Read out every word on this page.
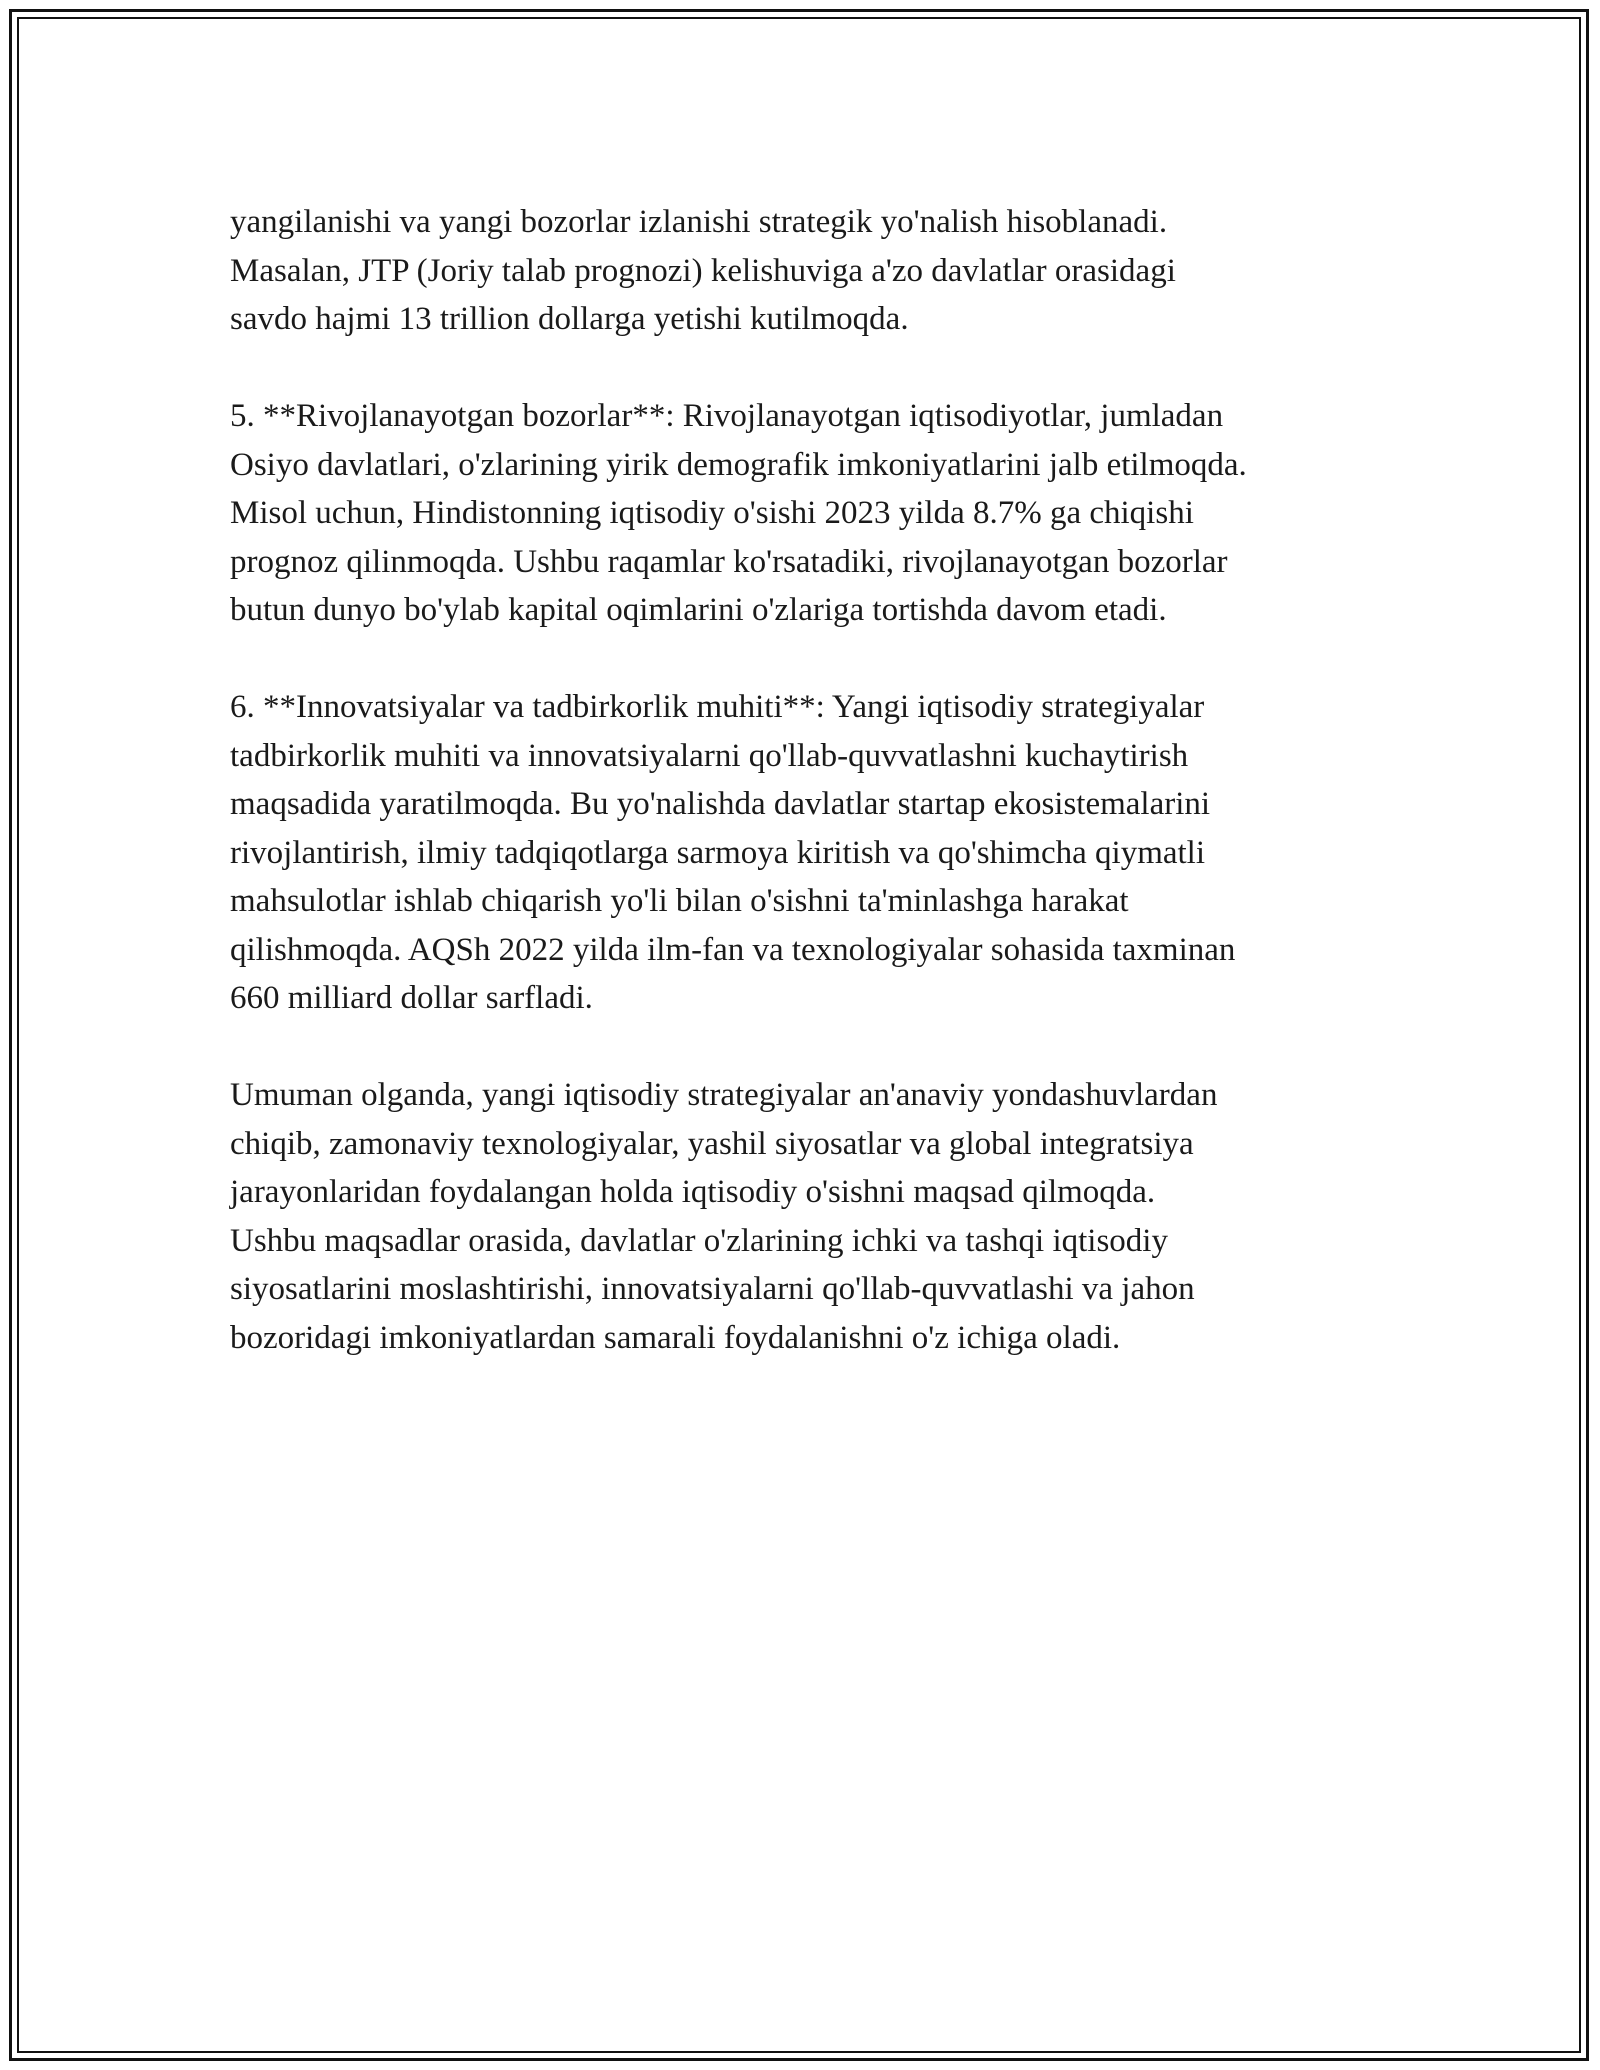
yangilanishi va yangi bozorlar izlanishi strategik yo'nalish hisoblanadi.
Masalan, JTP (Joriy talab prognozi) kelishuviga a'zo davlatlar orasidagi
savdo hajmi 13 trillion dollarga yetishi kutilmoqda.

5. **Rivojlanayotgan bozorlar**: Rivojlanayotgan iqtisodiyotlar, jumladan
Osiyo davlatlari, o'zlarining yirik demografik imkoniyatlarini jalb etilmoqda.
Misol uchun, Hindistonning iqtisodiy o'sishi 2023 yilda 8.7% ga chiqishi
prognoz qilinmoqda. Ushbu raqamlar ko'rsatadiki, rivojlanayotgan bozorlar
butun dunyo bo'ylab kapital oqimlarini o'zlariga tortishda davom etadi.

6. **Innovatsiyalar va tadbirkorlik muhiti**: Yangi iqtisodiy strategiyalar
tadbirkorlik muhiti va innovatsiyalarni qo'llab-quvvatlashni kuchaytirish
maqsadida yaratilmoqda. Bu yo'nalishda davlatlar startap ekosistemalarini
rivojlantirish, ilmiy tadqiqotlarga sarmoya kiritish va qo'shimcha qiymatli
mahsulotlar ishlab chiqarish yo'li bilan o'sishni ta'minlashga harakat
qilishmoqda. AQSh 2022 yilda ilm-fan va texnologiyalar sohasida taxminan
660 milliard dollar sarfladi.

Umuman olganda, yangi iqtisodiy strategiyalar an'anaviy yondashuvlardan
chiqib, zamonaviy texnologiyalar, yashil siyosatlar va global integratsiya
jarayonlaridan foydalangan holda iqtisodiy o'sishni maqsad qilmoqda.
Ushbu maqsadlar orasida, davlatlar o'zlarining ichki va tashqi iqtisodiy
siyosatlarini moslashtirishi, innovatsiyalarni qo'llab-quvvatlashi va jahon
bozoridagi imkoniyatlardan samarali foydalanishni o'z ichiga oladi.
